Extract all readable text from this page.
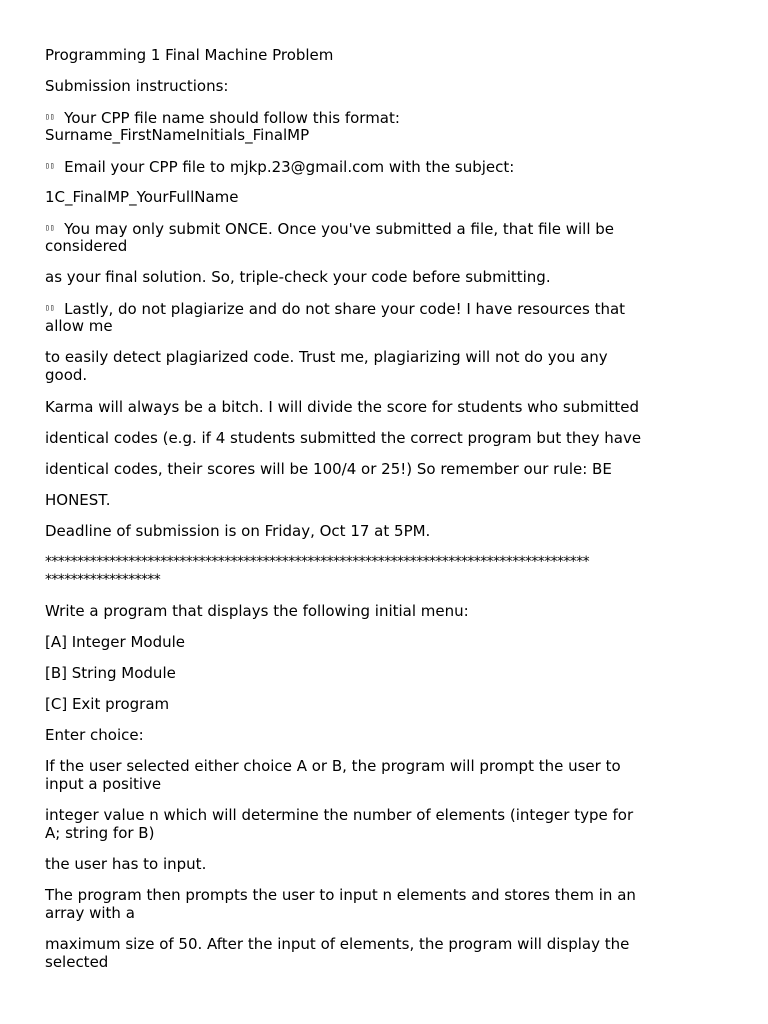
Programming 1 Final Machine Problem
Submission instructions:
▯▯  Your CPP file name should follow this format:
Surname_FirstNameInitials_FinalMP
▯▯  Email your CPP file to mjkp.23@gmail.com with the subject:
1C_FinalMP_YourFullName
▯▯  You may only submit ONCE. Once you've submitted a file, that file will be
considered
as your final solution. So, triple-check your code before submitting.
▯▯  Lastly, do not plagiarize and do not share your code! I have resources that
allow me
to easily detect plagiarized code. Trust me, plagiarizing will not do you any
good.
Karma will always be a bitch. I will divide the score for students who submitted
identical codes (e.g. if 4 students submitted the correct program but they have
identical codes, their scores will be 100/4 or 25!) So remember our rule: BE
HONEST.
Deadline of submission is on Friday, Oct 17 at 5PM.
*************************************************************************************
******************
Write a program that displays the following initial menu:
[A] Integer Module
[B] String Module
[C] Exit program
Enter choice:
If the user selected either choice A or B, the program will prompt the user to
input a positive
integer value n which will determine the number of elements (integer type for
A; string for B)
the user has to input.
The program then prompts the user to input n elements and stores them in an
array with a
maximum size of 50. After the input of elements, the program will display the
selected
